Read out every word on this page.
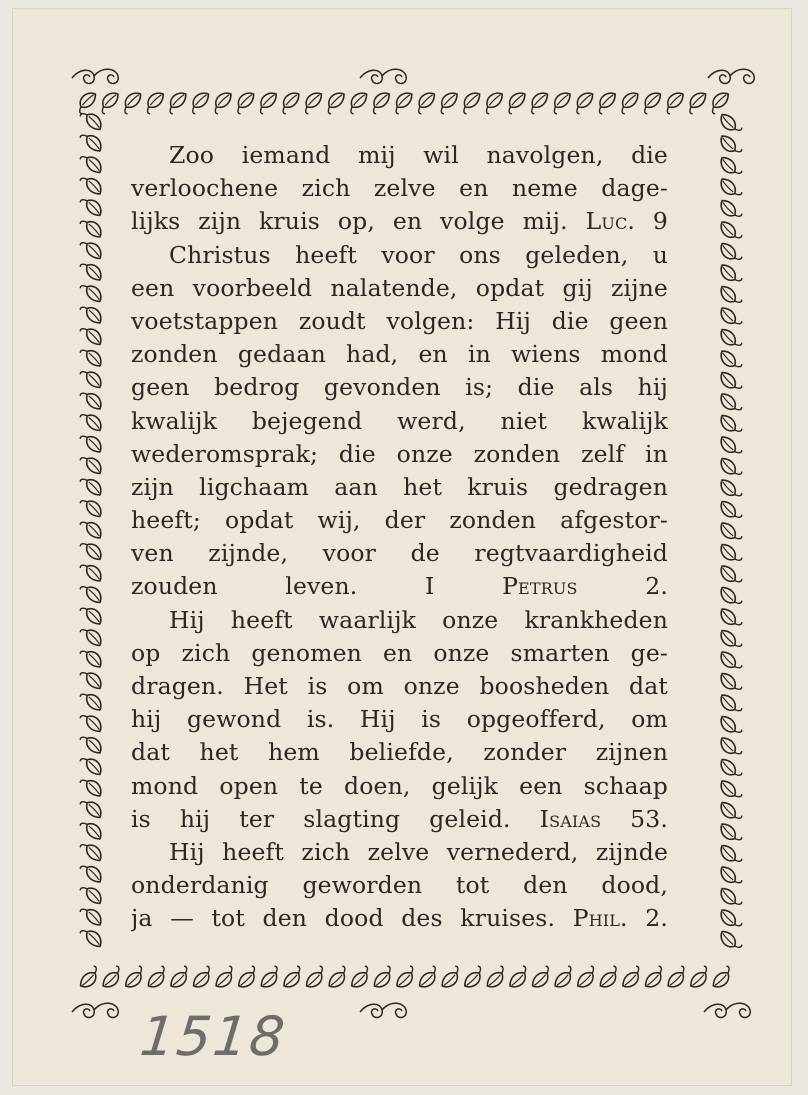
Zoo iemand mij wil navolgen, die
verloochene zich zelve en neme dage-
lijks zijn kruis op, en volge mij. Luc. 9
Christus heeft voor ons geleden, u
een voorbeeld nalatende, opdat gij zijne
voetstappen zoudt volgen: Hij die geen
zonden gedaan had, en in wiens mond
geen bedrog gevonden is; die als hij
kwalijk bejegend werd, niet kwalijk
wederomsprak; die onze zonden zelf in
zijn ligchaam aan het kruis gedragen
heeft; opdat wij, der zonden afgestor-
ven zijnde, voor de regtvaardigheid
zouden leven.	I Petrus 2.
Hij heeft waarlijk onze krankheden
op zich genomen en onze smarten ge-
dragen. Het is om onze boosheden dat
hij gewond is. Hij is opgeofferd, om
dat het hem beliefde, zonder zijnen
mond open te doen, gelijk een schaap
is hij ter slagting geleid. Isaias 53.
Hij heeft zich zelve vernederd, zijnde
onderdanig geworden tot den dood,
ja — tot den dood des kruises. Phil. 2.
1518
